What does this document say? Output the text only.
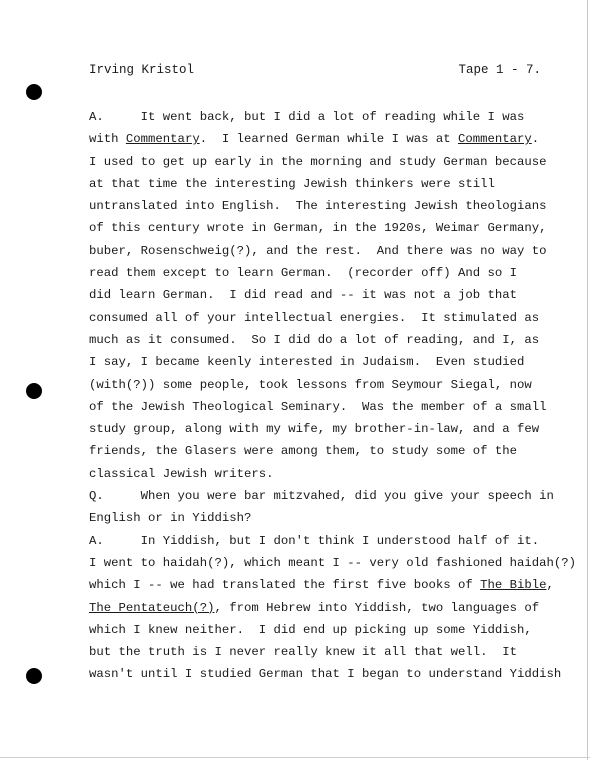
Irving Kristol	Tape 1 - 7.
A.     It went back, but I did a lot of reading while I was
with Commentary.  I learned German while I was at Commentary.
I used to get up early in the morning and study German because
at that time the interesting Jewish thinkers were still
untranslated into English.  The interesting Jewish theologians
of this century wrote in German, in the 1920s, Weimar Germany,
buber, Rosenschweig(?), and the rest.  And there was no way to
read them except to learn German.  (recorder off) And so I
did learn German.  I did read and -- it was not a job that
consumed all of your intellectual energies.  It stimulated as
much as it consumed.  So I did do a lot of reading, and I, as
I say, I became keenly interested in Judaism.  Even studied
(with(?)) some people, took lessons from Seymour Siegal, now
of the Jewish Theological Seminary.  Was the member of a small
study group, along with my wife, my brother-in-law, and a few
friends, the Glasers were among them, to study some of the
classical Jewish writers.
Q.     When you were bar mitzvahed, did you give your speech in
English or in Yiddish?
A.     In Yiddish, but I don't think I understood half of it.
I went to haidah(?), which meant I -- very old fashioned haidah(?)
which I -- we had translated the first five books of The Bible,
The Pentateuch(?), from Hebrew into Yiddish, two languages of
which I knew neither.  I did end up picking up some Yiddish,
but the truth is I never really knew it all that well.  It
wasn't until I studied German that I began to understand Yiddish
